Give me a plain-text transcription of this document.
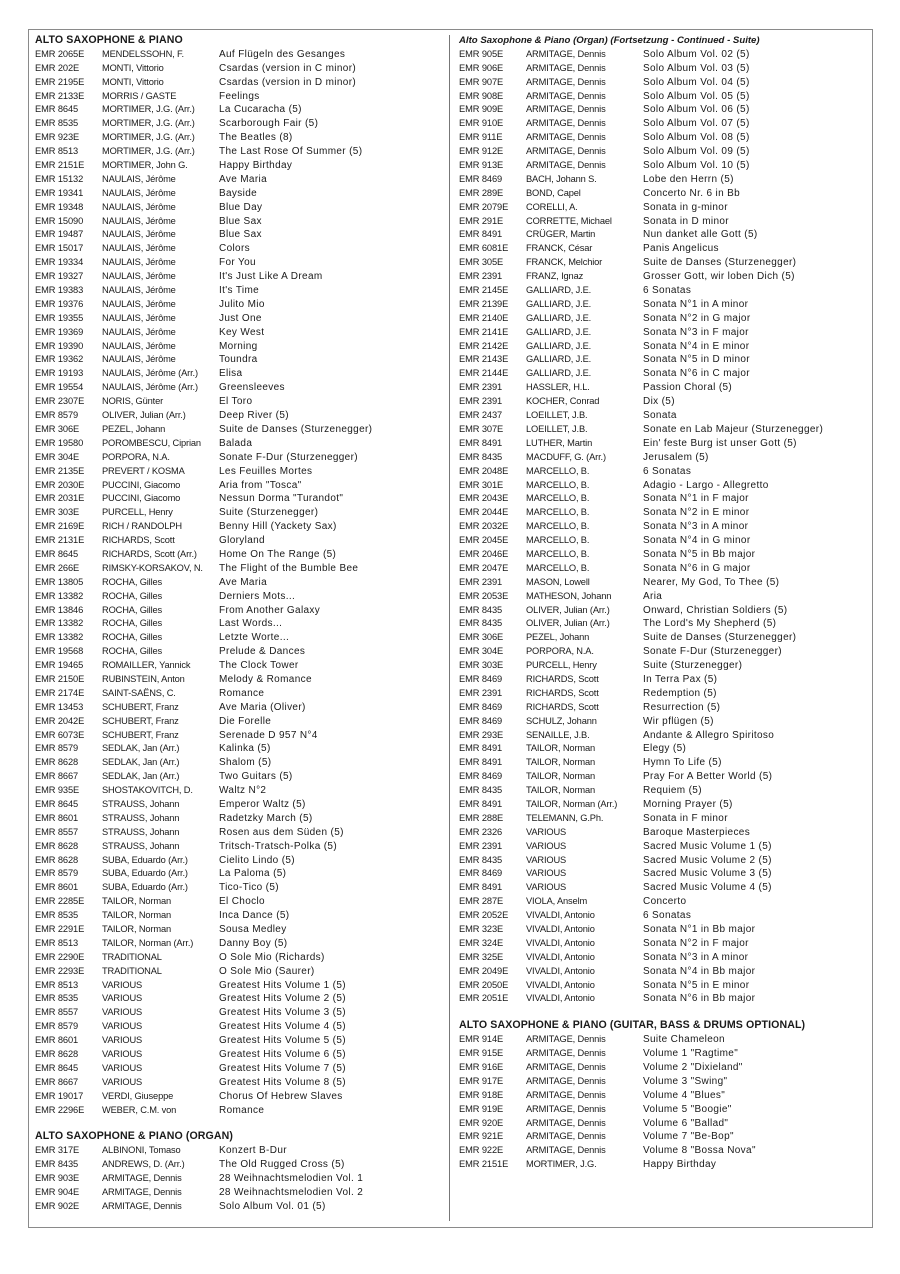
ALTO SAXOPHONE & PIANO
EMR 2065E	MENDELSSOHN, F.	Auf Flügeln des Gesanges
EMR 202E	MONTI, Vittorio	Csardas (version in C minor)
EMR 2195E	MONTI, Vittorio	Csardas (version in D minor)
EMR 2133E	MORRIS / GASTE	Feelings
EMR 8645	MORTIMER, J.G. (Arr.)	La Cucaracha (5)
EMR 8535	MORTIMER, J.G. (Arr.)	Scarborough Fair (5)
EMR 923E	MORTIMER, J.G. (Arr.)	The Beatles (8)
EMR 8513	MORTIMER, J.G. (Arr.)	The Last Rose Of Summer (5)
EMR 2151E	MORTIMER, John G.	Happy Birthday
EMR 15132	NAULAIS, Jérôme	Ave Maria
EMR 19341	NAULAIS, Jérôme	Bayside
EMR 19348	NAULAIS, Jérôme	Blue Day
EMR 15090	NAULAIS, Jérôme	Blue Sax
EMR 19487	NAULAIS, Jérôme	Blue Sax
EMR 15017	NAULAIS, Jérôme	Colors
EMR 19334	NAULAIS, Jérôme	For You
EMR 19327	NAULAIS, Jérôme	It's Just Like A Dream
EMR 19383	NAULAIS, Jérôme	It's Time
EMR 19376	NAULAIS, Jérôme	Julito Mio
EMR 19355	NAULAIS, Jérôme	Just One
EMR 19369	NAULAIS, Jérôme	Key West
EMR 19390	NAULAIS, Jérôme	Morning
EMR 19362	NAULAIS, Jérôme	Toundra
EMR 19193	NAULAIS, Jérôme (Arr.)	Elisa
EMR 19554	NAULAIS, Jérôme (Arr.)	Greensleeves
EMR 2307E	NORIS, Günter	El Toro
EMR 8579	OLIVER, Julian (Arr.)	Deep River (5)
EMR 306E	PEZEL, Johann	Suite de Danses (Sturzenegger)
EMR 19580	POROMBESCU, Ciprian	Balada
EMR 304E	PORPORA, N.A.	Sonate F-Dur (Sturzenegger)
EMR 2135E	PREVERT / KOSMA	Les Feuilles Mortes
EMR 2030E	PUCCINI, Giacomo	Aria from "Tosca"
EMR 2031E	PUCCINI, Giacomo	Nessun Dorma "Turandot"
EMR 303E	PURCELL, Henry	Suite (Sturzenegger)
EMR 2169E	RICH / RANDOLPH	Benny Hill (Yackety Sax)
EMR 2131E	RICHARDS, Scott	Gloryland
EMR 8645	RICHARDS, Scott (Arr.)	Home On The Range (5)
EMR 266E	RIMSKY-KORSAKOV, N.	The Flight of the Bumble Bee
EMR 13805	ROCHA, Gilles	Ave Maria
EMR 13382	ROCHA, Gilles	Derniers Mots...
EMR 13846	ROCHA, Gilles	From Another Galaxy
EMR 13382	ROCHA, Gilles	Last Words...
EMR 13382	ROCHA, Gilles	Letzte Worte...
EMR 19568	ROCHA, Gilles	Prelude & Dances
EMR 19465	ROMAILLER, Yannick	The Clock Tower
EMR 2150E	RUBINSTEIN, Anton	Melody & Romance
EMR 2174E	SAINT-SAËNS, C.	Romance
EMR 13453	SCHUBERT, Franz	Ave Maria (Oliver)
EMR 2042E	SCHUBERT, Franz	Die Forelle
EMR 6073E	SCHUBERT, Franz	Serenade D 957 N°4
EMR 8579	SEDLAK, Jan (Arr.)	Kalinka (5)
EMR 8628	SEDLAK, Jan (Arr.)	Shalom (5)
EMR 8667	SEDLAK, Jan (Arr.)	Two Guitars (5)
EMR 935E	SHOSTAKOVITCH, D.	Waltz N°2
EMR 8645	STRAUSS, Johann	Emperor Waltz (5)
EMR 8601	STRAUSS, Johann	Radetzky March (5)
EMR 8557	STRAUSS, Johann	Rosen aus dem Süden (5)
EMR 8628	STRAUSS, Johann	Tritsch-Tratsch-Polka (5)
EMR 8628	SUBA, Eduardo (Arr.)	Cielito Lindo (5)
EMR 8579	SUBA, Eduardo (Arr.)	La Paloma (5)
EMR 8601	SUBA, Eduardo (Arr.)	Tico-Tico (5)
EMR 2285E	TAILOR, Norman	El Choclo
EMR 8535	TAILOR, Norman	Inca Dance (5)
EMR 2291E	TAILOR, Norman	Sousa Medley
EMR 8513	TAILOR, Norman (Arr.)	Danny Boy (5)
EMR 2290E	TRADITIONAL	O Sole Mio (Richards)
EMR 2293E	TRADITIONAL	O Sole Mio (Saurer)
EMR 8513	VARIOUS	Greatest Hits Volume 1 (5)
EMR 8535	VARIOUS	Greatest Hits Volume 2 (5)
EMR 8557	VARIOUS	Greatest Hits Volume 3 (5)
EMR 8579	VARIOUS	Greatest Hits Volume 4 (5)
EMR 8601	VARIOUS	Greatest Hits Volume 5 (5)
EMR 8628	VARIOUS	Greatest Hits Volume 6 (5)
EMR 8645	VARIOUS	Greatest Hits Volume 7 (5)
EMR 8667	VARIOUS	Greatest Hits Volume 8 (5)
EMR 19017	VERDI, Giuseppe	Chorus Of Hebrew Slaves
EMR 2296E	WEBER, C.M. von	Romance
ALTO SAXOPHONE & PIANO (ORGAN)
EMR 317E	ALBINONI, Tomaso	Konzert B-Dur
EMR 8435	ANDREWS, D. (Arr.)	The Old Rugged Cross (5)
EMR 903E	ARMITAGE, Dennis	28 Weihnachtsmelodien Vol. 1
EMR 904E	ARMITAGE, Dennis	28 Weihnachtsmelodien Vol. 2
EMR 902E	ARMITAGE, Dennis	Solo Album Vol. 01 (5)
Alto Saxophone & Piano (Organ) (Fortsetzung - Continued - Suite)
EMR 905E	ARMITAGE, Dennis	Solo Album Vol. 02 (5)
EMR 906E	ARMITAGE, Dennis	Solo Album Vol. 03 (5)
EMR 907E	ARMITAGE, Dennis	Solo Album Vol. 04 (5)
EMR 908E	ARMITAGE, Dennis	Solo Album Vol. 05 (5)
EMR 909E	ARMITAGE, Dennis	Solo Album Vol. 06 (5)
EMR 910E	ARMITAGE, Dennis	Solo Album Vol. 07 (5)
EMR 911E	ARMITAGE, Dennis	Solo Album Vol. 08 (5)
EMR 912E	ARMITAGE, Dennis	Solo Album Vol. 09 (5)
EMR 913E	ARMITAGE, Dennis	Solo Album Vol. 10 (5)
EMR 8469	BACH, Johann S.	Lobe den Herrn (5)
EMR 289E	BOND, Capel	Concerto Nr. 6 in Bb
EMR 2079E	CORELLI, A.	Sonata in g-minor
EMR 291E	CORRETTE, Michael	Sonata in D minor
EMR 8491	CRÜGER, Martin	Nun danket alle Gott (5)
EMR 6081E	FRANCK, César	Panis Angelicus
EMR 305E	FRANCK, Melchior	Suite de Danses (Sturzenegger)
EMR 2391	FRANZ, Ignaz	Grosser Gott, wir loben Dich (5)
EMR 2145E	GALLIARD, J.E.	6 Sonatas
EMR 2139E	GALLIARD, J.E.	Sonata N°1 in A minor
EMR 2140E	GALLIARD, J.E.	Sonata N°2 in G major
EMR 2141E	GALLIARD, J.E.	Sonata N°3 in F major
EMR 2142E	GALLIARD, J.E.	Sonata N°4 in E minor
EMR 2143E	GALLIARD, J.E.	Sonata N°5 in D minor
EMR 2144E	GALLIARD, J.E.	Sonata N°6 in C major
EMR 2391	HASSLER, H.L.	Passion Choral (5)
EMR 2391	KOCHER, Conrad	Dix (5)
EMR 2437	LOEILLET, J.B.	Sonata
EMR 307E	LOEILLET, J.B.	Sonate en Lab Majeur (Sturzenegger)
EMR 8491	LUTHER, Martin	Ein' feste Burg ist unser Gott (5)
EMR 8435	MACDUFF, G. (Arr.)	Jerusalem (5)
EMR 2048E	MARCELLO, B.	6 Sonatas
EMR 301E	MARCELLO, B.	Adagio - Largo - Allegretto
EMR 2043E	MARCELLO, B.	Sonata N°1 in F major
EMR 2044E	MARCELLO, B.	Sonata N°2 in E minor
EMR 2032E	MARCELLO, B.	Sonata N°3 in A minor
EMR 2045E	MARCELLO, B.	Sonata N°4 in G minor
EMR 2046E	MARCELLO, B.	Sonata N°5 in Bb major
EMR 2047E	MARCELLO, B.	Sonata N°6 in G major
EMR 2391	MASON, Lowell	Nearer, My God, To Thee (5)
EMR 2053E	MATHESON, Johann	Aria
EMR 8435	OLIVER, Julian (Arr.)	Onward, Christian Soldiers (5)
EMR 8435	OLIVER, Julian (Arr.)	The Lord's My Shepherd (5)
EMR 306E	PEZEL, Johann	Suite de Danses (Sturzenegger)
EMR 304E	PORPORA, N.A.	Sonate F-Dur (Sturzenegger)
EMR 303E	PURCELL, Henry	Suite (Sturzenegger)
EMR 8469	RICHARDS, Scott	In Terra Pax (5)
EMR 2391	RICHARDS, Scott	Redemption (5)
EMR 8469	RICHARDS, Scott	Resurrection (5)
EMR 8469	SCHULZ, Johann	Wir pflügen (5)
EMR 293E	SENAILLE, J.B.	Andante & Allegro Spiritoso
EMR 8491	TAILOR, Norman	Elegy (5)
EMR 8491	TAILOR, Norman	Hymn To Life (5)
EMR 8469	TAILOR, Norman	Pray For A Better World (5)
EMR 8435	TAILOR, Norman	Requiem (5)
EMR 8491	TAILOR, Norman (Arr.)	Morning Prayer (5)
EMR 288E	TELEMANN, G.Ph.	Sonata in F minor
EMR 2326	VARIOUS	Baroque Masterpieces
EMR 2391	VARIOUS	Sacred Music Volume 1 (5)
EMR 8435	VARIOUS	Sacred Music Volume 2 (5)
EMR 8469	VARIOUS	Sacred Music Volume 3 (5)
EMR 8491	VARIOUS	Sacred Music Volume 4 (5)
EMR 287E	VIOLA, Anselm	Concerto
EMR 2052E	VIVALDI, Antonio	6 Sonatas
EMR 323E	VIVALDI, Antonio	Sonata N°1 in Bb major
EMR 324E	VIVALDI, Antonio	Sonata N°2 in F major
EMR 325E	VIVALDI, Antonio	Sonata N°3 in A minor
EMR 2049E	VIVALDI, Antonio	Sonata N°4 in Bb major
EMR 2050E	VIVALDI, Antonio	Sonata N°5 in E minor
EMR 2051E	VIVALDI, Antonio	Sonata N°6 in Bb major
ALTO SAXOPHONE & PIANO (GUITAR, BASS & DRUMS OPTIONAL)
EMR 914E	ARMITAGE, Dennis	Suite Chameleon
EMR 915E	ARMITAGE, Dennis	Volume 1 "Ragtime"
EMR 916E	ARMITAGE, Dennis	Volume 2 "Dixieland"
EMR 917E	ARMITAGE, Dennis	Volume 3 "Swing"
EMR 918E	ARMITAGE, Dennis	Volume 4 "Blues"
EMR 919E	ARMITAGE, Dennis	Volume 5 "Boogie"
EMR 920E	ARMITAGE, Dennis	Volume 6 "Ballad"
EMR 921E	ARMITAGE, Dennis	Volume 7 "Be-Bop"
EMR 922E	ARMITAGE, Dennis	Volume 8 "Bossa Nova"
EMR 2151E	MORTIMER, J.G.	Happy Birthday
